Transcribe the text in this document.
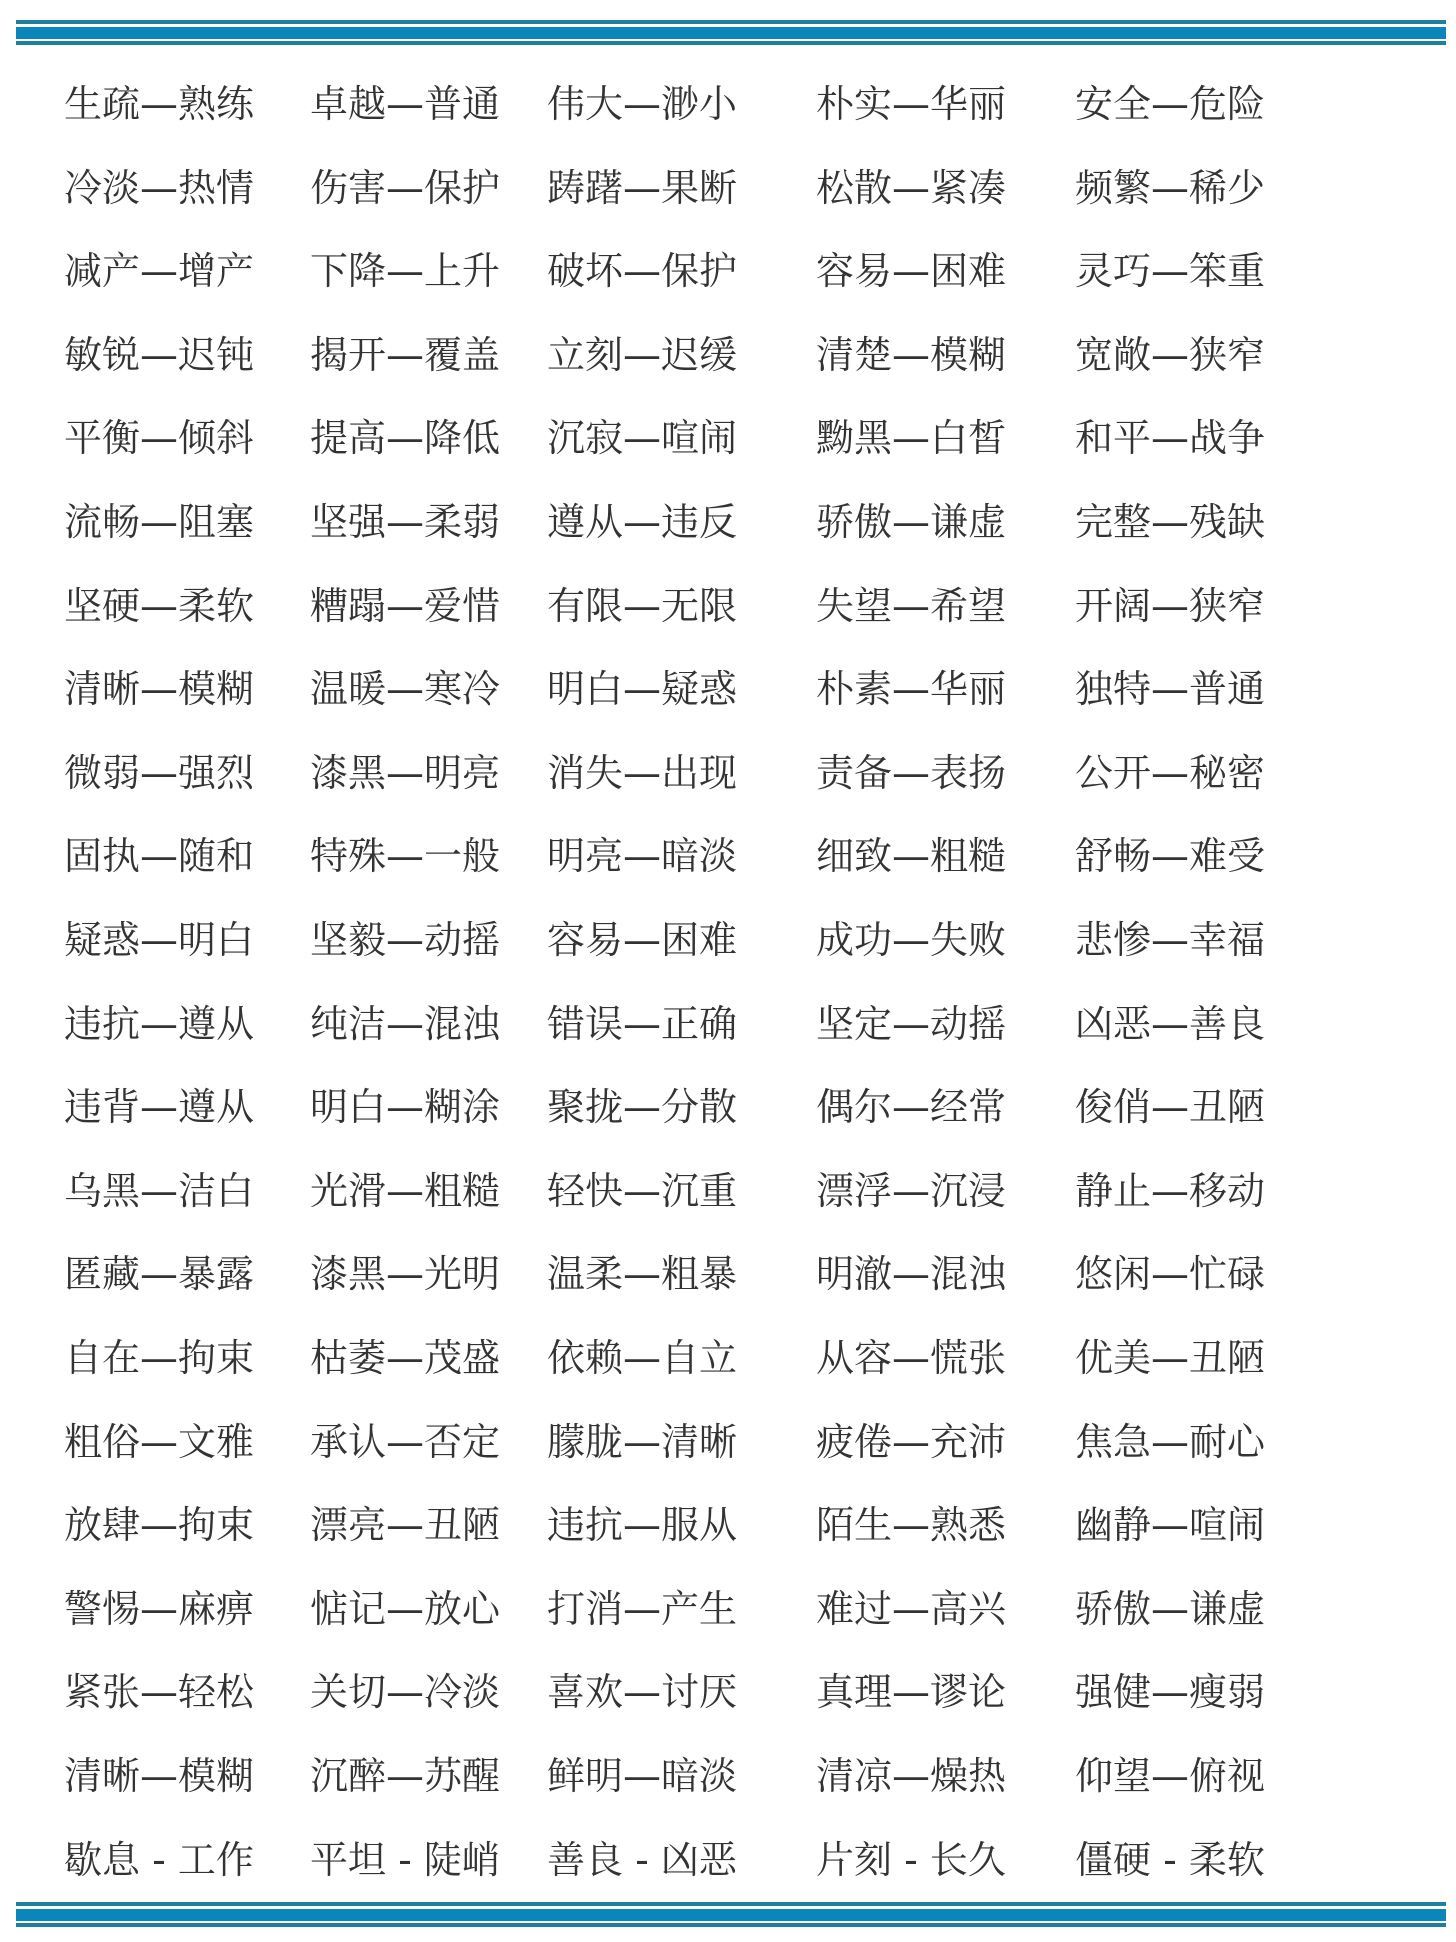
生疏—熟练 卓越—普通 伟大—渺小 朴实—华丽 安全—危险
冷淡—热情 伤害—保护 踌躇—果断 松散—紧凑 频繁—稀少
减产—增产 下降—上升 破坏—保护 容易—困难 灵巧—笨重
敏锐—迟钝 揭开—覆盖 立刻—迟缓 清楚—模糊 宽敞—狭窄
平衡—倾斜 提高—降低 沉寂—喧闹 黝黑—白皙 和平—战争
流畅—阻塞 坚强—柔弱 遵从—违反 骄傲—谦虚 完整—残缺
坚硬—柔软 糟蹋—爱惜 有限—无限 失望—希望 开阔—狭窄
清晰—模糊 温暖—寒冷 明白—疑惑 朴素—华丽 独特—普通
微弱—强烈 漆黑—明亮 消失—出现 责备—表扬 公开—秘密
固执—随和 特殊—一般 明亮—暗淡 细致—粗糙 舒畅—难受
疑惑—明白 坚毅—动摇 容易—困难 成功—失败 悲惨—幸福
违抗—遵从 纯洁—混浊 错误—正确 坚定—动摇 凶恶—善良
违背—遵从 明白—糊涂 聚拢—分散 偶尔—经常 俊俏—丑陋
乌黑—洁白 光滑—粗糙 轻快—沉重 漂浮—沉浸 静止—移动
匿藏—暴露 漆黑—光明 温柔—粗暴 明澈—混浊 悠闲—忙碌
自在—拘束 枯萎—茂盛 依赖—自立 从容—慌张 优美—丑陋
粗俗—文雅 承认—否定 朦胧—清晰 疲倦—充沛 焦急—耐心
放肆—拘束 漂亮—丑陋 违抗—服从 陌生—熟悉 幽静—喧闹
警惕—麻痹 惦记—放心 打消—产生 难过—高兴 骄傲—谦虚
紧张—轻松 关切—冷淡 喜欢—讨厌 真理—谬论 强健—瘦弱
清晰—模糊 沉醉—苏醒 鲜明—暗淡 清凉—燥热 仰望—俯视
歇息 - 工作 平坦 - 陡峭 善良 - 凶恶 片刻 - 长久 僵硬 - 柔软
